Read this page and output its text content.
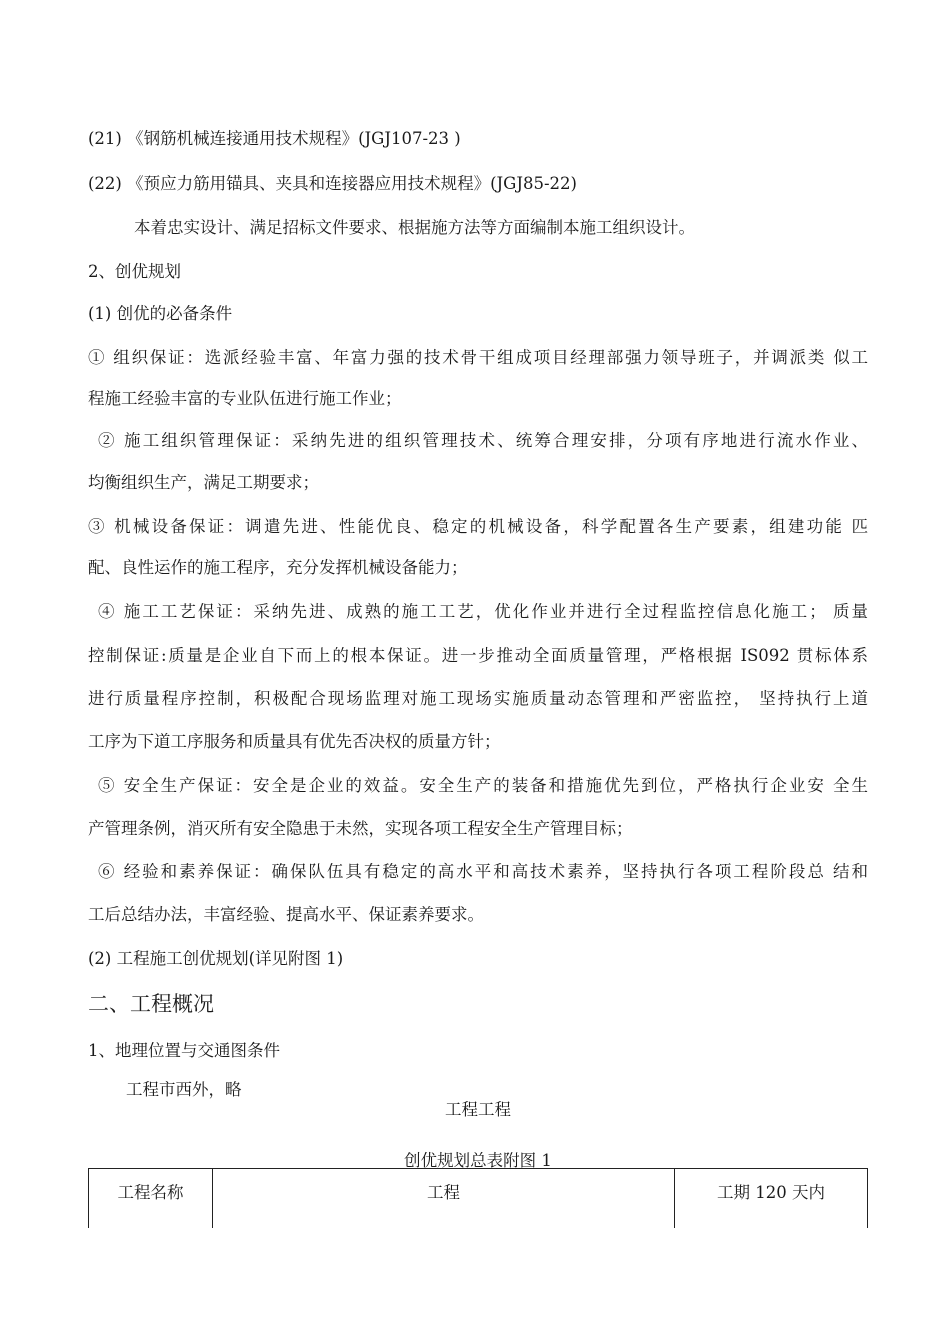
(21) 《钢筋机械连接通用技术规程》(JGJ107-23 )
(22) 《预应力筋用锚具、夹具和连接器应用技术规程》(JGJ85-22)
本着忠实设计、满足招标文件要求、根据施方法等方面编制本施工组织设计。
2、创优规划
(1) 创优的必备条件
① 组织保证：选派经验丰富、年富力强的技术骨干组成项目经理部强力领导班子，并调派类 似工
程施工经验丰富的专业队伍进行施工作业；
② 施工组织管理保证：采纳先进的组织管理技术、统筹合理安排，分项有序地进行流水作业、
均衡组织生产，满足工期要求；
③ 机械设备保证：调遣先进、性能优良、稳定的机械设备，科学配置各生产要素，组建功能 匹
配、良性运作的施工程序，充分发挥机械设备能力；
④ 施工工艺保证：采纳先进、成熟的施工工艺，优化作业并进行全过程监控信息化施工； 质量
控制保证:质量是企业自下而上的根本保证。进一步推动全面质量管理，严格根据 IS092 贯标体系
进行质量程序控制，积极配合现场监理对施工现场实施质量动态管理和严密监控， 坚持执行上道
工序为下道工序服务和质量具有优先否决权的质量方针；
⑤ 安全生产保证：安全是企业的效益。安全生产的装备和措施优先到位，严格执行企业安 全生
产管理条例，消灭所有安全隐患于未然，实现各项工程安全生产管理目标；
⑥ 经验和素养保证：确保队伍具有稳定的高水平和高技术素养，坚持执行各项工程阶段总 结和
工后总结办法，丰富经验、提高水平、保证素养要求。
(2) 工程施工创优规划(详见附图 1)
二、工程概况
1、地理位置与交通图条件
工程市西外，略
工程工程
创优规划总表附图 1
工程名称	工程	工期 120 天内
